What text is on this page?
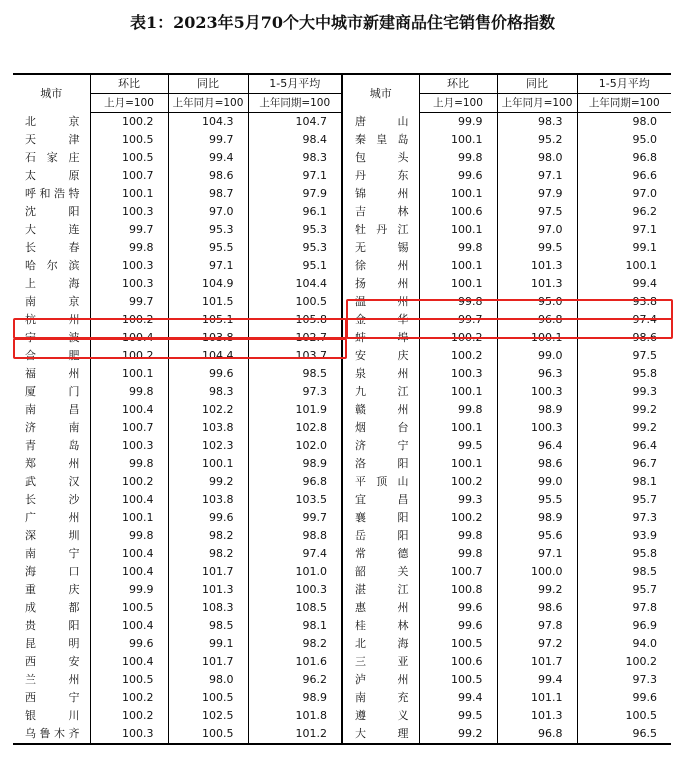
表1：2023年5月70个大中城市新建商品住宅销售价格指数
城市	环比	同比	1-5月平均	城市	环比	同比	1-5月平均
	上月=100	上年同月=100	上年同期=100		上月=100	上年同月=100	上年同期=100
北京	100.2	104.3	104.7	唐山	99.9	98.3	98.0
天津	100.5	99.7	98.4	秦皇岛	100.1	95.2	95.0
石家庄	100.5	99.4	98.3	包头	99.8	98.0	96.8
太原	100.7	98.6	97.1	丹东	99.6	97.1	96.6
呼和浩特	100.1	98.7	97.9	锦州	100.1	97.9	97.0
沈阳	100.3	97.0	96.1	吉林	100.6	97.5	96.2
大连	99.7	95.3	95.3	牡丹江	100.1	97.0	97.1
长春	99.8	95.5	95.3	无锡	99.8	99.5	99.1
哈尔滨	100.3	97.1	95.1	徐州	100.1	101.3	100.1
上海	100.3	104.9	104.4	扬州	100.1	101.3	99.4
南京	99.7	101.5	100.5	温州	99.8	95.0	93.8
杭州	100.2	105.1	105.8	金华	99.7	96.8	97.4
宁波	100.4	103.8	102.7	蚌埠	100.2	100.1	98.6
合肥	100.2	104.4	103.7	安庆	100.2	99.0	97.5
福州	100.1	99.6	98.5	泉州	100.3	96.3	95.8
厦门	99.8	98.3	97.3	九江	100.1	100.3	99.3
南昌	100.4	102.2	101.9	赣州	99.8	98.9	99.2
济南	100.7	103.8	102.8	烟台	100.1	100.3	99.2
青岛	100.3	102.3	102.0	济宁	99.5	96.4	96.4
郑州	99.8	100.1	98.9	洛阳	100.1	98.6	96.7
武汉	100.2	99.2	96.8	平顶山	100.2	99.0	98.1
长沙	100.4	103.8	103.5	宜昌	99.3	95.5	95.7
广州	100.1	99.6	99.7	襄阳	100.2	98.9	97.3
深圳	99.8	98.2	98.8	岳阳	99.8	95.6	93.9
南宁	100.4	98.2	97.4	常德	99.8	97.1	95.8
海口	100.4	101.7	101.0	韶关	100.7	100.0	98.5
重庆	99.9	101.3	100.3	湛江	100.8	99.2	95.7
成都	100.5	108.3	108.5	惠州	99.6	98.6	97.8
贵阳	100.4	98.5	98.1	桂林	99.6	97.8	96.9
昆明	99.6	99.1	98.2	北海	100.5	97.2	94.0
西安	100.4	101.7	101.6	三亚	100.6	101.7	100.2
兰州	100.5	98.0	96.2	泸州	100.5	99.4	97.3
西宁	100.2	100.5	98.9	南充	99.4	101.1	99.6
银川	100.2	102.5	101.8	遵义	99.5	101.3	100.5
乌鲁木齐	100.3	100.5	101.2	大理	99.2	96.8	96.5
